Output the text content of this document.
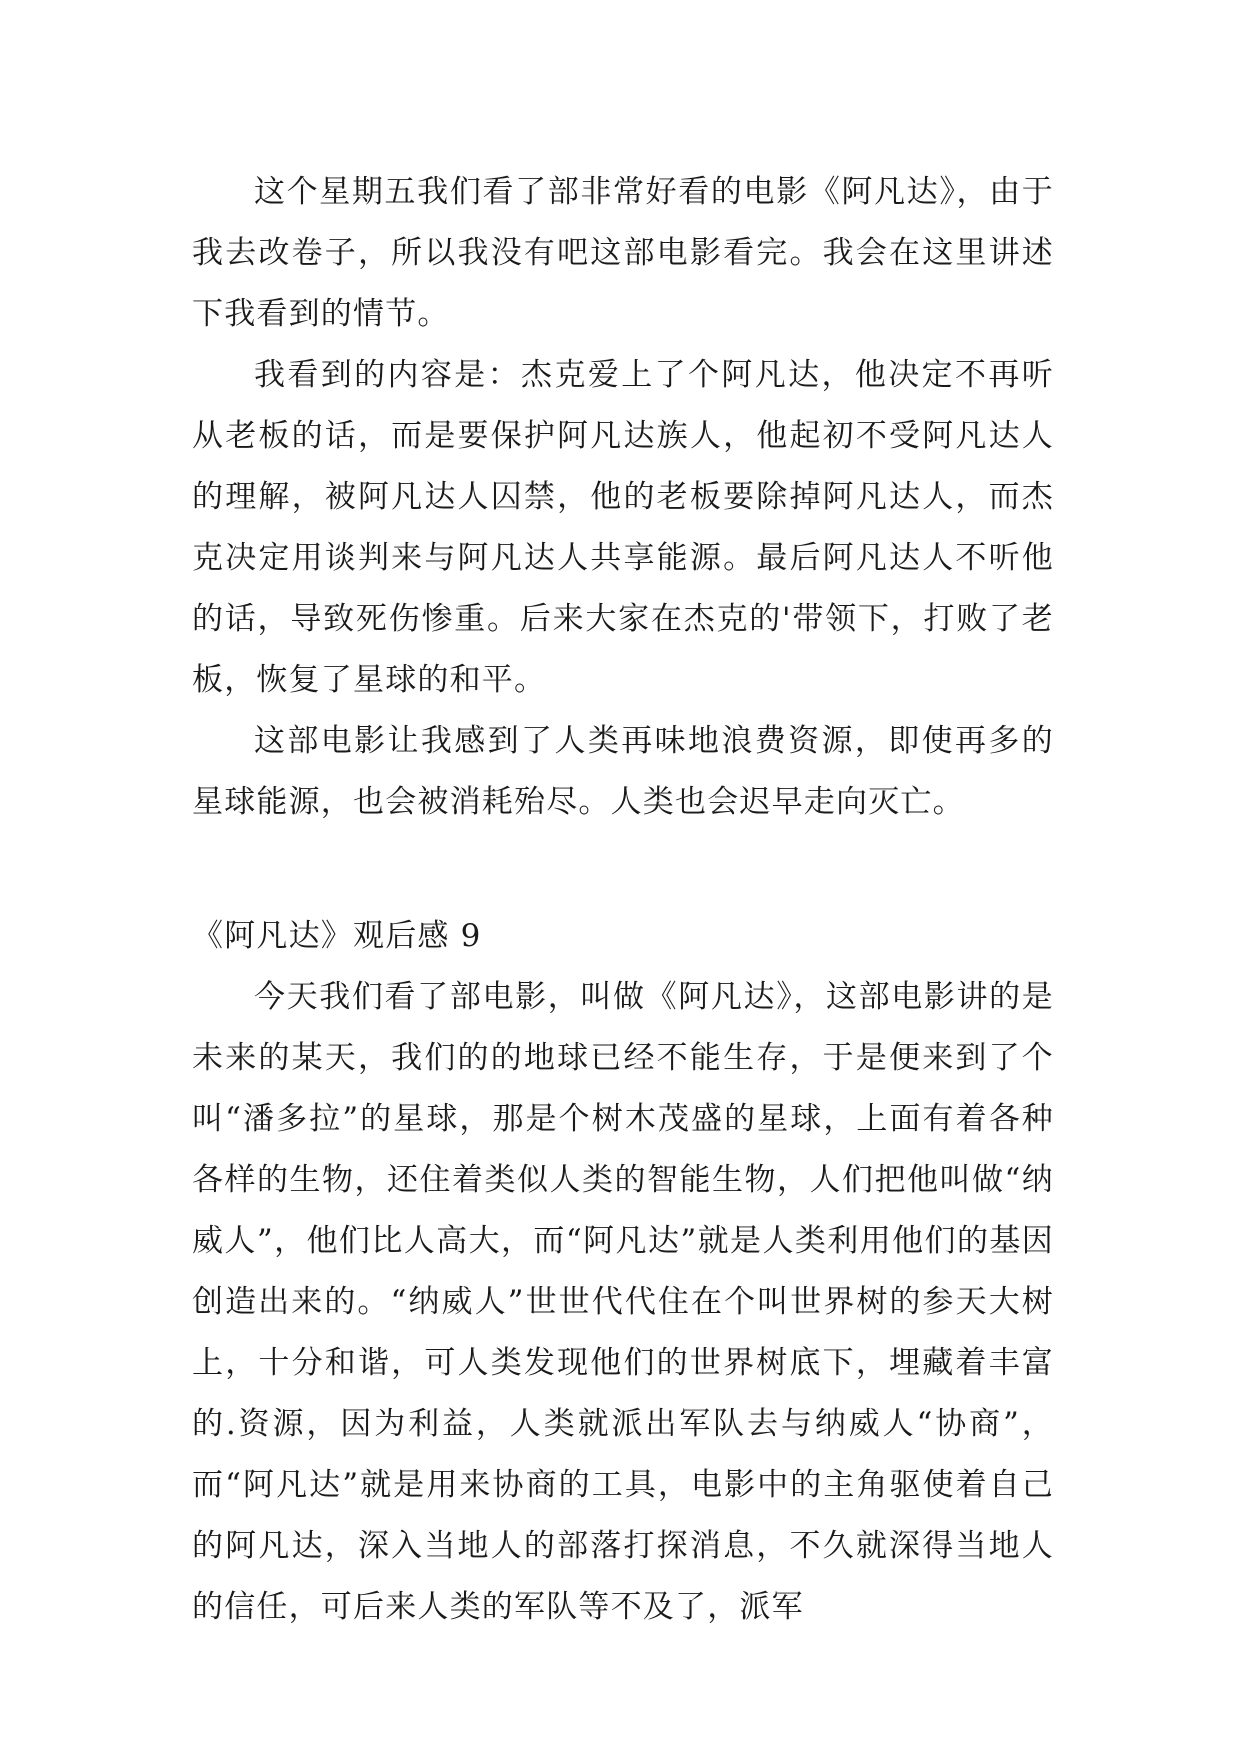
这个星期五我们看了部非常好看的电影《阿凡达》，由于我去改卷子，所以我没有吧这部电影看完。我会在这里讲述下我看到的情节。

我看到的内容是：杰克爱上了个阿凡达，他决定不再听从老板的话，而是要保护阿凡达族人，他起初不受阿凡达人的理解，被阿凡达人囚禁，他的老板要除掉阿凡达人，而杰克决定用谈判来与阿凡达人共享能源。最后阿凡达人不听他的话，导致死伤惨重。后来大家在杰克的'带领下，打败了老板，恢复了星球的和平。

这部电影让我感到了人类再味地浪费资源，即使再多的星球能源，也会被消耗殆尽。人类也会迟早走向灭亡。

《阿凡达》观后感 9

今天我们看了部电影，叫做《阿凡达》，这部电影讲的是未来的某天，我们的的地球已经不能生存，于是便来到了个叫“潘多拉”的星球，那是个树木茂盛的星球，上面有着各种各样的生物，还住着类似人类的智能生物，人们把他叫做“纳威人”，他们比人高大，而“阿凡达”就是人类利用他们的基因创造出来的。“纳威人”世世代代住在个叫世界树的参天大树上，十分和谐，可人类发现他们的世界树底下，埋藏着丰富的.资源，因为利益，人类就派出军队去与纳威人“协商”，而“阿凡达”就是用来协商的工具，电影中的主角驱使着自己的阿凡达，深入当地人的部落打探消息，不久就深得当地人的信任，可后来人类的军队等不及了，派军
